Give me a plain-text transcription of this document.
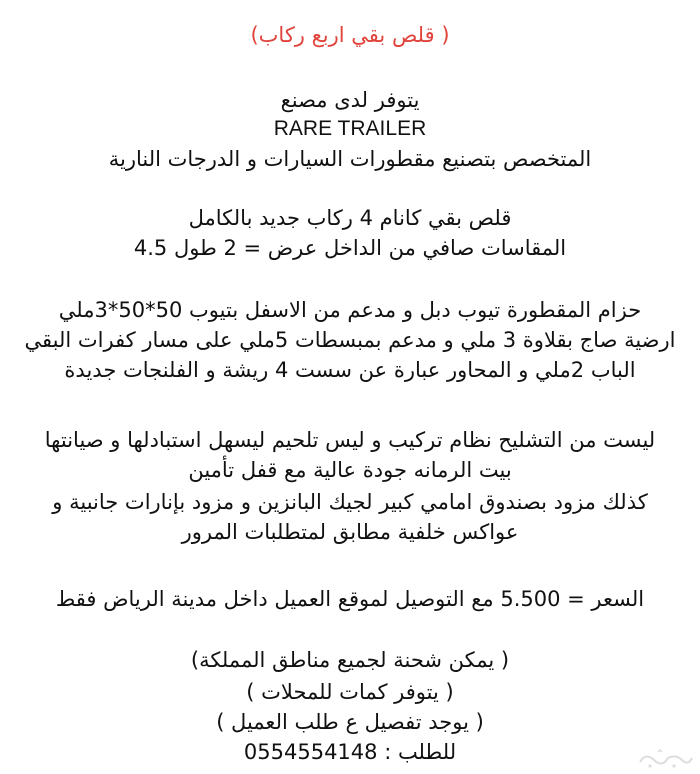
( قلص بقي اربع ركاب)
يتوفر لدى مصنع
RARE TRAILER
المتخصص بتصنيع مقطورات السيارات و الدرجات النارية
قلص بقي كانام 4 ركاب جديد بالكامل
المقاسات صافي من الداخل عرض = 2 طول 4.5
حزام المقطورة تيوب دبل و مدعم من الاسفل بتيوب 50*50*3ملي
ارضية صاج بقلاوة 3 ملي و مدعم بمبسطات 5ملي على مسار كفرات البقي
الباب 2ملي و المحاور عبارة عن سست 4 ريشة و الفلنجات جديدة
ليست من التشليح نظام تركيب و ليس تلحيم ليسهل استبادلها و صيانتها
بيت الرمانه جودة عالية مع قفل تأمين
كذلك مزود بصندوق امامي كبير لجيك البانزين و مزود بإنارات جانبية و
عواكس خلفية مطابق لمتطلبات المرور
السعر = 5.500 مع التوصيل لموقع العميل داخل مدينة الرياض فقط
( يمكن شحنة لجميع مناطق المملكة)
( يتوفر كمات للمحلات )
( يوجد تفصيل ع طلب العميل )
للطلب : 0554554148
